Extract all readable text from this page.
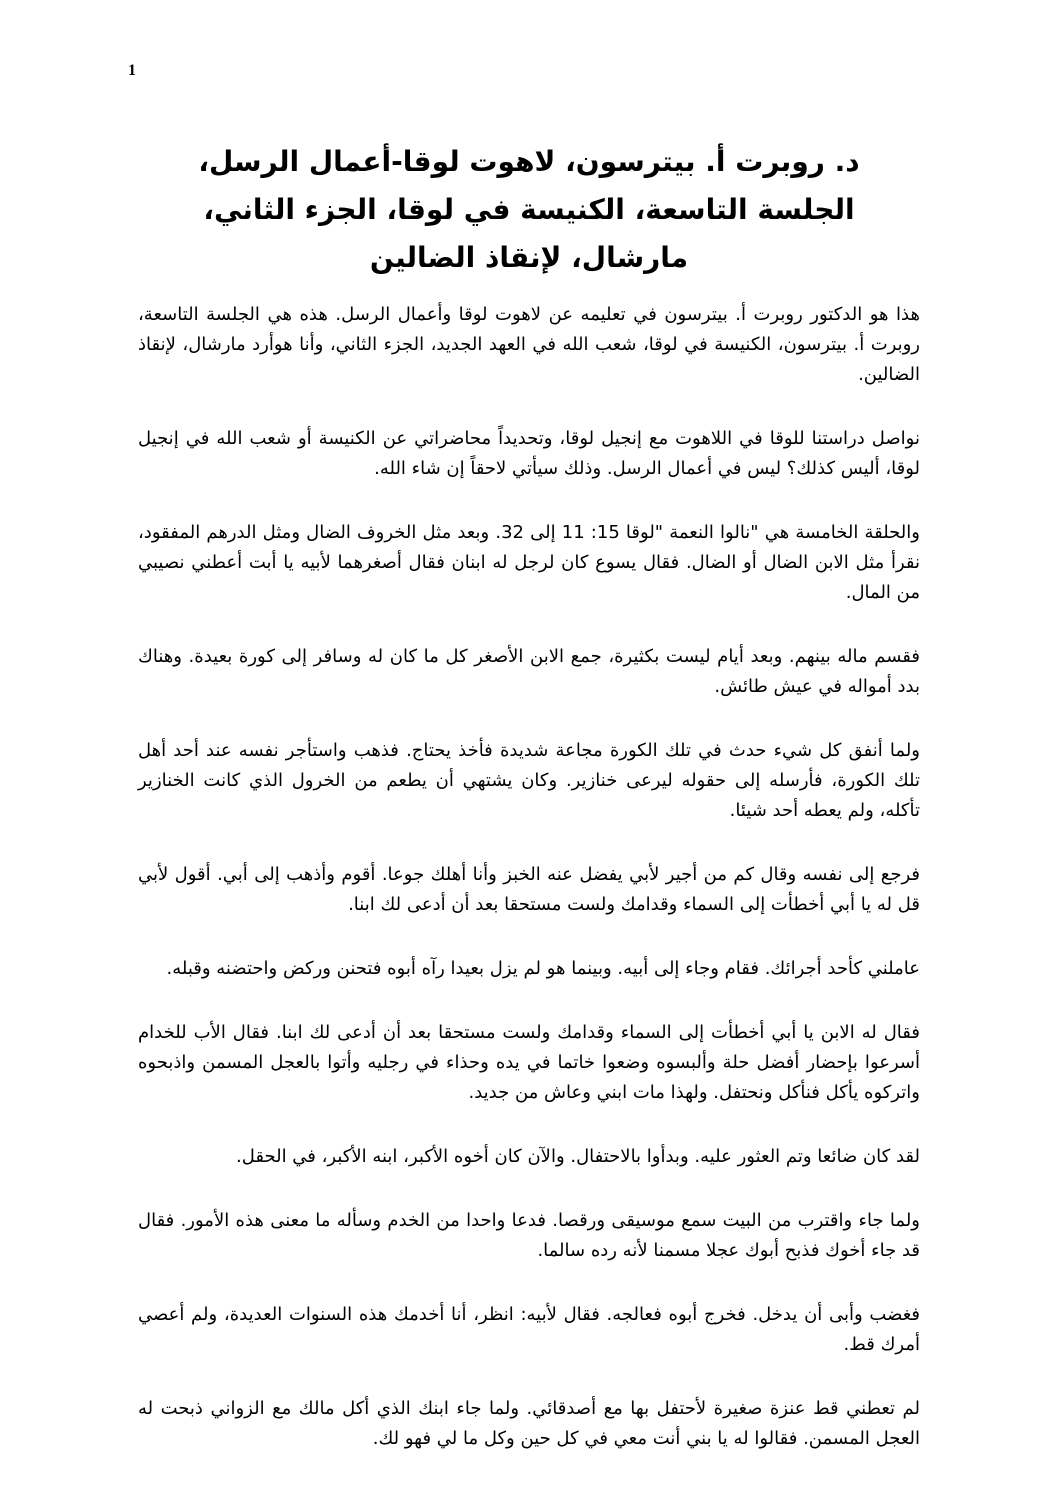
1
د. روبرت أ. بيترسون، لاهوت لوقا-أعمال الرسل،
الجلسة التاسعة، الكنيسة في لوقا، الجزء الثاني،
مارشال، لإنقاذ الضالين

هذا هو الدكتور روبرت أ. بيترسون في تعليمه عن لاهوت لوقا وأعمال الرسل. هذه هي الجلسة التاسعة، روبرت أ. بيترسون، الكنيسة في لوقا، شعب الله في العهد الجديد، الجزء الثاني، وأنا هوأرد مارشال، لإنقاذ الضالين.

نواصل دراستنا للوقا في اللاهوت مع إنجيل لوقا، وتحديداً محاضراتي عن الكنيسة أو شعب الله في إنجيل لوقا، أليس كذلك؟ ليس في أعمال الرسل. وذلك سيأتي لاحقاً إن شاء الله.

والحلقة الخامسة هي "نالوا النعمة "لوقا 15: 11 إلى 32. وبعد مثل الخروف الضال ومثل الدرهم المفقود، نقرأ مثل الابن الضال أو الضال. فقال يسوع كان لرجل له ابنان فقال أصغرهما لأبيه يا أبت أعطني نصيبي من المال.

فقسم ماله بينهم. وبعد أيام ليست بكثيرة، جمع الابن الأصغر كل ما كان له وسافر إلى كورة بعيدة. وهناك بدد أمواله في عيش طائش.

ولما أنفق كل شيء حدث في تلك الكورة مجاعة شديدة فأخذ يحتاج. فذهب واستأجر نفسه عند أحد أهل تلك الكورة، فأرسله إلى حقوله ليرعى خنازير. وكان يشتهي أن يطعم من الخرول الذي كانت الخنازير تأكله، ولم يعطه أحد شيئا.

فرجع إلى نفسه وقال كم من أجير لأبي يفضل عنه الخبز وأنا أهلك جوعا. أقوم وأذهب إلى أبي. أقول لأبي قل له يا أبي أخطأت إلى السماء وقدامك ولست مستحقا بعد أن أدعى لك ابنا.

عاملني كأحد أجرائك. فقام وجاء إلى أبيه. وبينما هو لم يزل بعيدا رآه أبوه فتحنن وركض واحتضنه وقبله.

فقال له الابن يا أبي أخطأت إلى السماء وقدامك ولست مستحقا بعد أن أدعى لك ابنا. فقال الأب للخدام أسرعوا بإحضار أفضل حلة وألبسوه وضعوا خاتما في يده وحذاء في رجليه وأتوا بالعجل المسمن واذبحوه واتركوه يأكل فنأكل ونحتفل. ولهذا مات ابني وعاش من جديد.

لقد كان ضائعا وتم العثور عليه. وبدأوا بالاحتفال. والآن كان أخوه الأكبر، ابنه الأكبر، في الحقل.

ولما جاء واقترب من البيت سمع موسيقى ورقصا. فدعا واحدا من الخدم وسأله ما معنى هذه الأمور. فقال قد جاء أخوك فذبح أبوك عجلا مسمنا لأنه رده سالما.

فغضب وأبى أن يدخل. فخرج أبوه فعالجه. فقال لأبيه: انظر، أنا أخدمك هذه السنوات العديدة، ولم أعصي أمرك قط.

لم تعطني قط عنزة صغيرة لأحتفل بها مع أصدقائي. ولما جاء ابنك الذي أكل مالك مع الزواني ذبحت له العجل المسمن. فقالوا له يا بني أنت معي في كل حين وكل ما لي فهو لك.
